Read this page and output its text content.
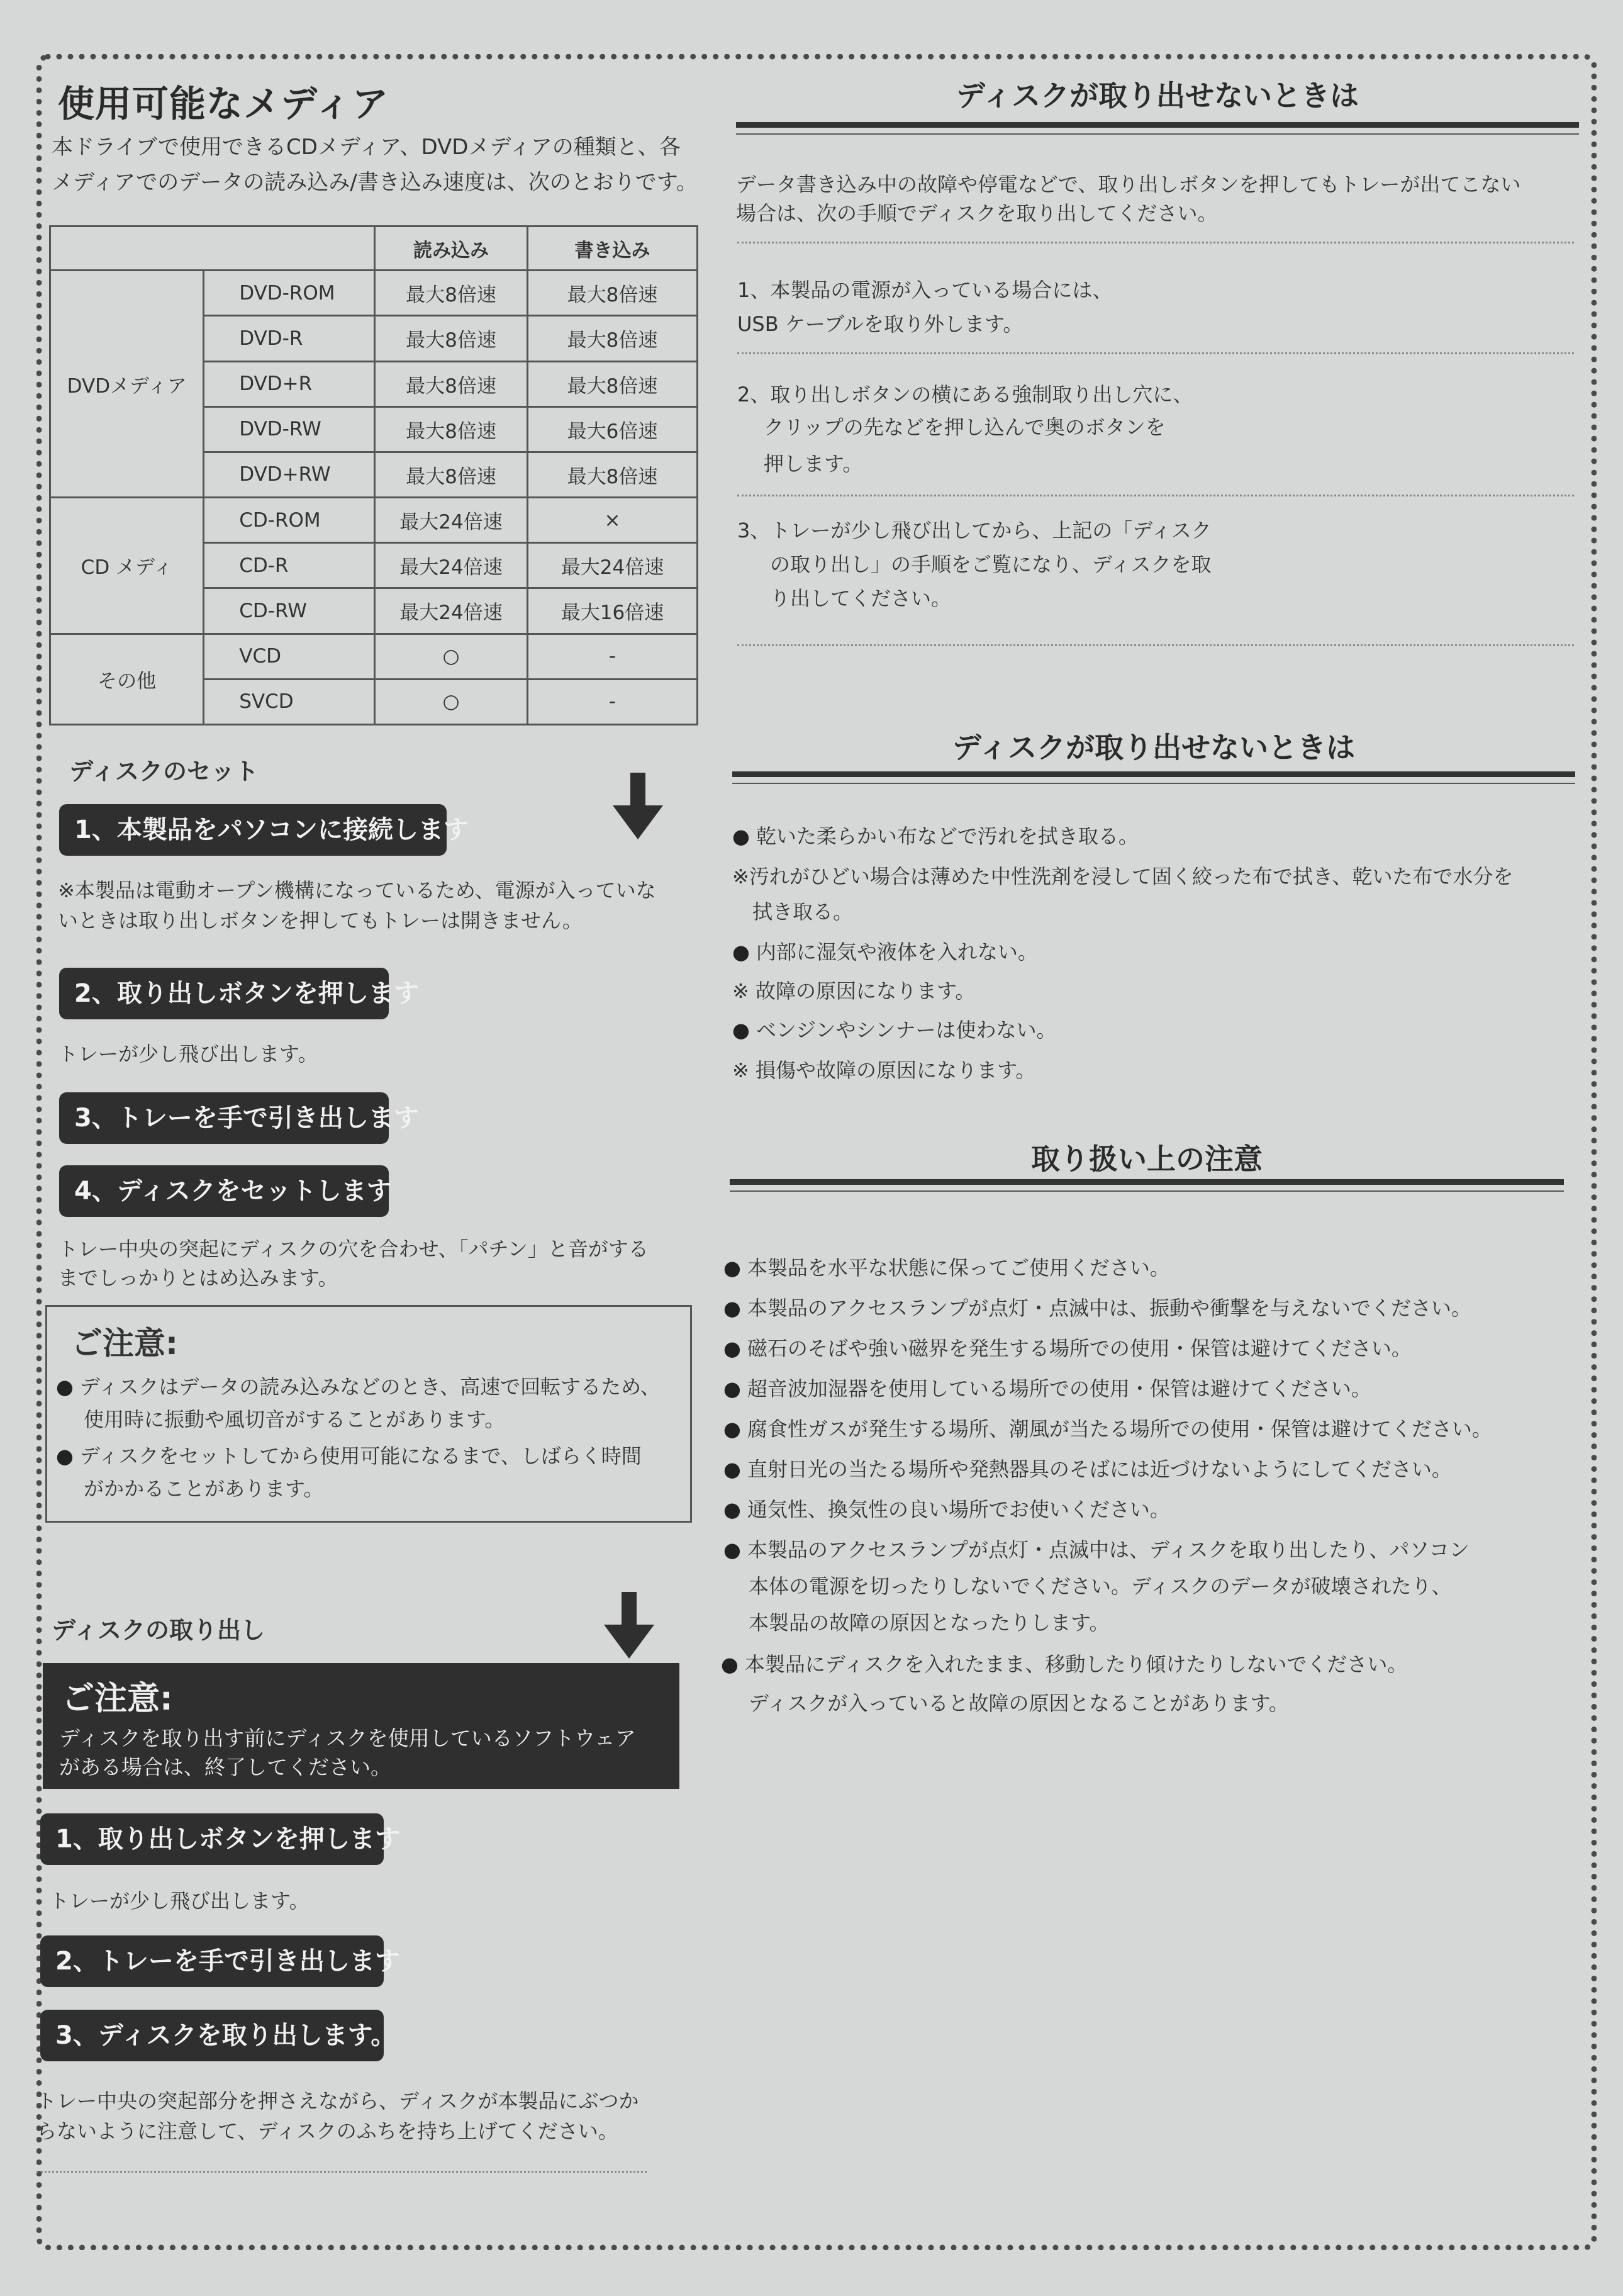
使用可能なメディア
本ドライブで使用できるCDメディア、DVDメディアの種類と、各
メディアでのデータの読み込み/書き込み速度は、次のとおりです。
		読み込み	書き込み
DVDメディア	DVD-ROM	最大8倍速	最大8倍速
	DVD-R	最大8倍速	最大8倍速
	DVD+R	最大8倍速	最大8倍速
	DVD-RW	最大8倍速	最大6倍速
	DVD+RW	最大8倍速	最大8倍速
CD メディ	CD-ROM	最大24倍速	×
	CD-R	最大24倍速	最大24倍速
	CD-RW	最大24倍速	最大16倍速
その他	VCD	○	-
	SVCD	○	-
ディスクのセット
1、本製品をパソコンに接続します
※本製品は電動オープン機構になっているため、電源が入っていな
いときは取り出しボタンを押してもトレーは開きません。
2、取り出しボタンを押します
トレーが少し飛び出します。
3、トレーを手で引き出します
4、ディスクをセットします
トレー中央の突起にディスクの穴を合わせ、「パチン」と音がする
までしっかりとはめ込みます。
ご注意:
● ディスクはデータの読み込みなどのとき、高速で回転するため、
使用時に振動や風切音がすることがあります。
● ディスクをセットしてから使用可能になるまで、しばらく時間
がかかることがあります。
ディスクの取り出し
ご注意:
ディスクを取り出す前にディスクを使用しているソフトウェア
がある場合は、終了してください。
1、取り出しボタンを押します
トレーが少し飛び出します。
2、トレーを手で引き出します
3、ディスクを取り出します。
トレー中央の突起部分を押さえながら、ディスクが本製品にぶつか
らないように注意して、ディスクのふちを持ち上げてください。
ディスクが取り出せないときは
データ書き込み中の故障や停電などで、取り出しボタンを押してもトレーが出てこない
場合は、次の手順でディスクを取り出してください。
1、本製品の電源が入っている場合には、
USB ケーブルを取り外します。
2、取り出しボタンの横にある強制取り出し穴に、
クリップの先などを押し込んで奥のボタンを
押します。
3、トレーが少し飛び出してから、上記の「ディスク
の取り出し」の手順をご覧になり、ディスクを取
り出してください。
ディスクが取り出せないときは
● 乾いた柔らかい布などで汚れを拭き取る。
※汚れがひどい場合は薄めた中性洗剤を浸して固く絞った布で拭き、乾いた布で水分を
拭き取る。
● 内部に湿気や液体を入れない。
※ 故障の原因になります。
● ベンジンやシンナーは使わない。
※ 損傷や故障の原因になります。
取り扱い上の注意
● 本製品を水平な状態に保ってご使用ください。
● 本製品のアクセスランプが点灯・点滅中は、振動や衝撃を与えないでください。
● 磁石のそばや強い磁界を発生する場所での使用・保管は避けてください。
● 超音波加湿器を使用している場所での使用・保管は避けてください。
● 腐食性ガスが発生する場所、潮風が当たる場所での使用・保管は避けてください。
● 直射日光の当たる場所や発熱器具のそばには近づけないようにしてください。
● 通気性、換気性の良い場所でお使いください。
● 本製品のアクセスランプが点灯・点滅中は、ディスクを取り出したり、パソコン
本体の電源を切ったりしないでください。ディスクのデータが破壊されたり、
本製品の故障の原因となったりします。
● 本製品にディスクを入れたまま、移動したり傾けたりしないでください。
ディスクが入っていると故障の原因となることがあります。
